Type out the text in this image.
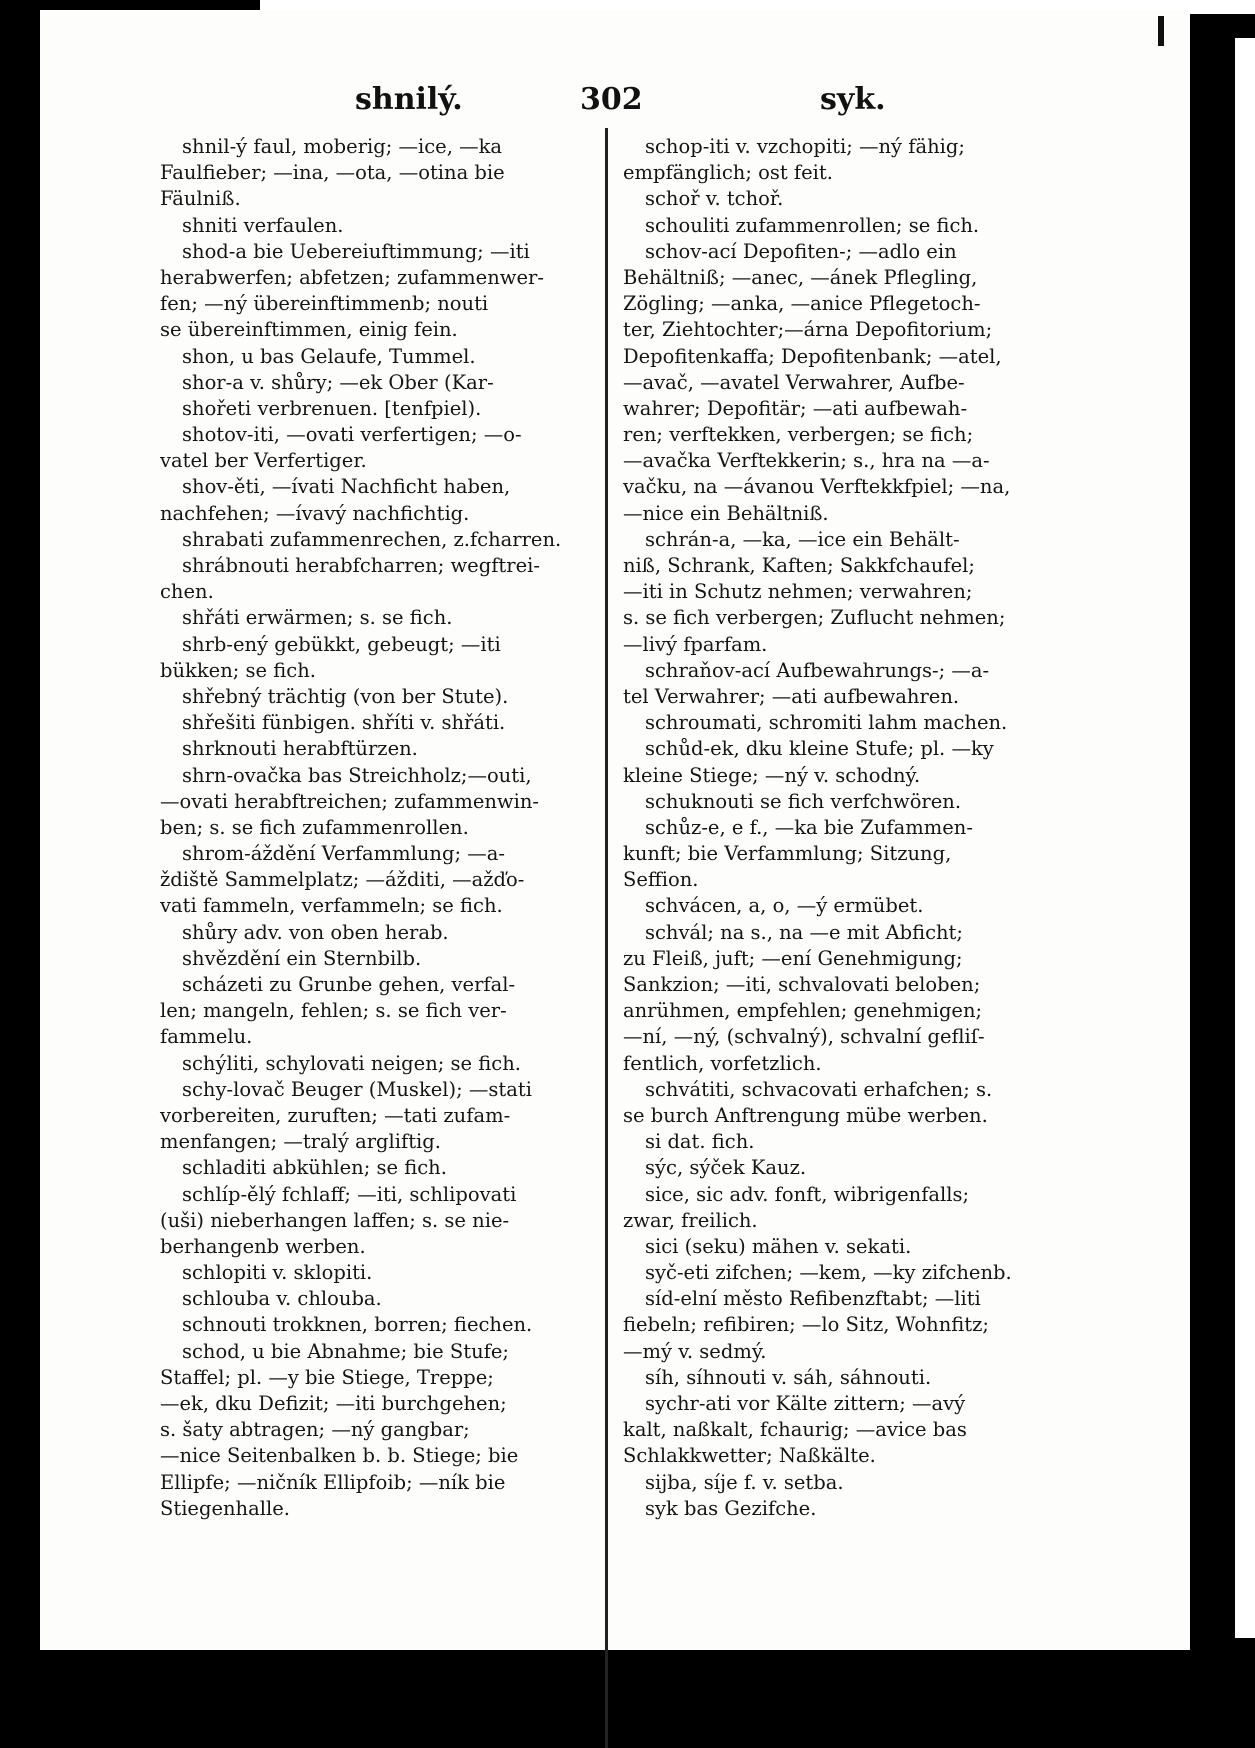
shnilý.	302	syk.
shnil-ý faul, moberig; —ice, —ka
Faulfieber; —ina, —ota, —otina bie
Fäulniß.
shniti verfaulen.
shod-a bie Uebereiuftimmung; —iti
herabwerfen; abfetzen; zufammenwer-
fen; —ný übereinftimmenb; nouti
se übereinftimmen, einig fein.
shon, u bas Gelaufe, Tummel.
shor-a v. shůry; —ek Ober (Kar-
shořeti verbrenuen. [tenfpiel).
shotov-iti, —ovati verfertigen; —o-
vatel ber Verfertiger.
shov-ěti, —ívati Nachficht haben,
nachfehen; —ívavý nachfichtig.
shrabati zufammenrechen, z.fcharren.
shrábnouti herabfcharren; wegftrei-
chen.
shřáti erwärmen; s. se fich.
shrb-ený gebükkt, gebeugt; —iti
bükken; se fich.
shřebný trächtig (von ber Stute).
shřešiti fünbigen. shříti v. shřáti.
shrknouti herabftürzen.
shrn-ovačka bas Streichholz;—outi,
—ovati herabftreichen; zufammenwin-
ben; s. se fich zufammenrollen.
shrom-áždění Verfammlung; —a-
ždiště Sammelplatz; —ážditi, —ažďo-
vati fammeln, verfammeln; se fich.
shůry adv. von oben herab.
shvězdění ein Sternbilb.
scházeti zu Grunbe gehen, verfal-
len; mangeln, fehlen; s. se fich ver-
fammelu.
schýliti, schylovati neigen; se fich.
schy-lovač Beuger (Muskel); —stati
vorbereiten, zuruften; —tati zufam-
menfangen; —tralý argliftig.
schladiti abkühlen; se fich.
schlíp-ělý fchlaff; —iti, schlipovati
(uši) nieberhangen laffen; s. se nie-
berhangenb werben.
schlopiti v. sklopiti.
schlouba v. chlouba.
schnouti trokknen, borren; fiechen.
schod, u bie Abnahme; bie Stufe;
Staffel; pl. —y bie Stiege, Treppe;
—ek, dku Defizit; —iti burchgehen;
s. šaty abtragen; —ný gangbar;
—nice Seitenbalken b. b. Stiege; bie
Ellipfe; —ničník Ellipfoib; —ník bie
Stiegenhalle.
schop-iti v. vzchopiti; —ný fähig;
empfänglich; ost feit.
schoř v. tchoř.
schouliti zufammenrollen; se fich.
schov-ací Depofiten-; —adlo ein
Behältniß; —anec, —ánek Pflegling,
Zögling; —anka, —anice Pflegetoch-
ter, Ziehtochter;—árna Depofitorium;
Depofitenkaffa; Depofitenbank; —atel,
—avač, —avatel Verwahrer, Aufbe-
wahrer; Depofitär; —ati aufbewah-
ren; verftekken, verbergen; se fich;
—avačka Verftekkerin; s., hra na —a-
vačku, na —ávanou Verftekkfpiel; —na,
—nice ein Behältniß.
schrán-a, —ka, —ice ein Behält-
niß, Schrank, Kaften; Sakkfchaufel;
—iti in Schutz nehmen; verwahren;
s. se fich verbergen; Zuflucht nehmen;
—livý fparfam.
schraňov-ací Aufbewahrungs-; —a-
tel Verwahrer; —ati aufbewahren.
schroumati, schromiti lahm machen.
schůd-ek, dku kleine Stufe; pl. —ky
kleine Stiege; —ný v. schodný.
schuknouti se fich verfchwören.
schůz-e, e f., —ka bie Zufammen-
kunft; bie Verfammlung; Sitzung,
Seffion.
schvácen, a, o, —ý ermübet.
schvál; na s., na —e mit Abficht;
zu Fleiß, juft; —ení Genehmigung;
Sankzion; —iti, schvalovati beloben;
anrühmen, empfehlen; genehmigen;
—ní, —ný, (schvalný), schvalní gefliſ-
fentlich, vorfetzlich.
schvátiti, schvacovati erhafchen; s.
se burch Anftrengung mübe werben.
si dat. fich.
sýc, sýček Kauz.
sice, sic adv. fonft, wibrigenfalls;
zwar, freilich.
sici (seku) mähen v. sekati.
syč-eti zifchen; —kem, —ky zifchenb.
síd-elní město Refibenzftabt; —liti
fiebeln; refibiren; —lo Sitz, Wohnfitz;
—mý v. sedmý.
síh, síhnouti v. sáh, sáhnouti.
sychr-ati vor Kälte zittern; —avý
kalt, naßkalt, fchaurig; —avice bas
Schlakkwetter; Naßkälte.
sijba, síje f. v. setba.
syk bas Gezifche.
